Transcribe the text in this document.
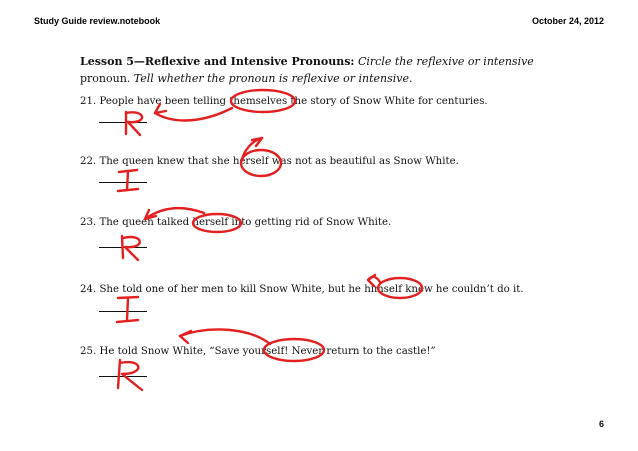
Study Guide review.notebook	October 24, 2012
Lesson 5—Reflexive and Intensive Pronouns: Circle the reflexive or intensive
pronoun. Tell whether the pronoun is reflexive or intensive.
21. People have been telling themselves the story of Snow White for centuries.
22. The queen knew that she herself was not as beautiful as Snow White.
23. The queen talked herself into getting rid of Snow White.
24. She told one of her men to kill Snow White, but he himself knew he couldn’t do it.
25. He told Snow White, “Save yourself! Never return to the castle!”
6
